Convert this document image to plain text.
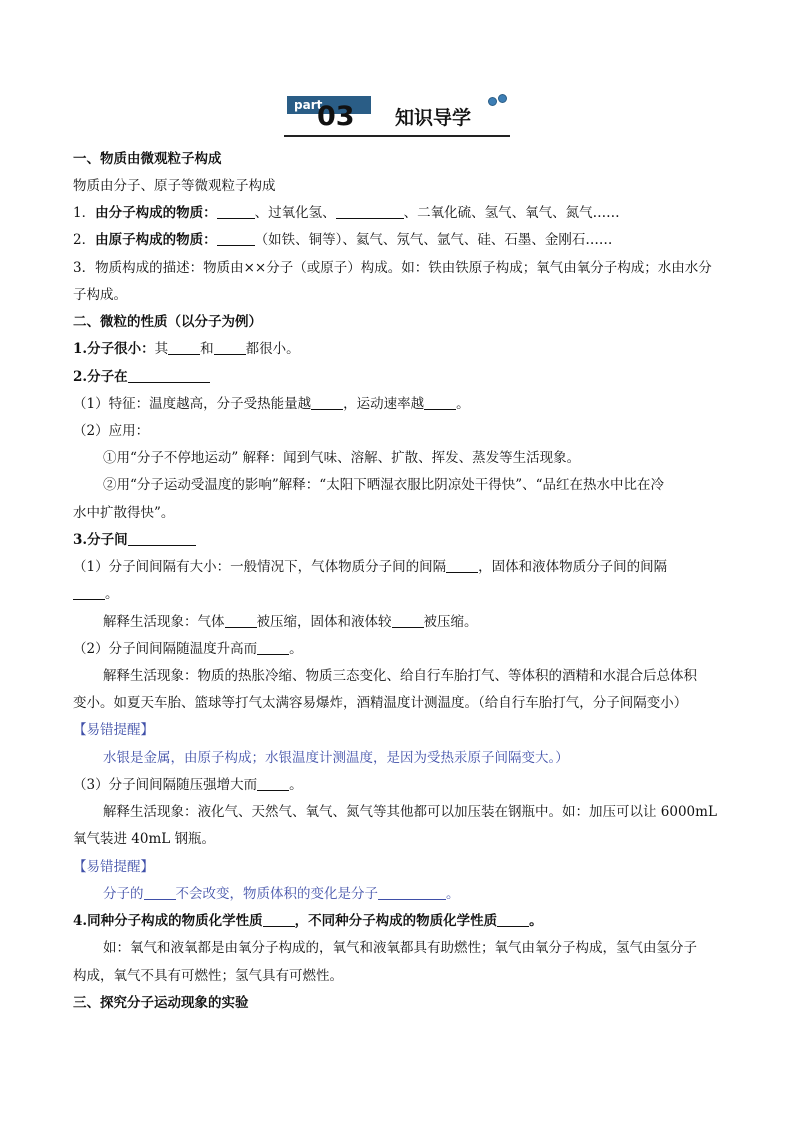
part.
03 知识导学
一、物质由微观粒子构成
物质由分子、原子等微观粒子构成
1．由分子构成的物质：	、过氧化氢、	、二氧化硫、氢气、氧气、氮气……
2．由原子构成的物质：	（如铁、铜等）、氦气、氖气、氩气、硅、石墨、金刚石……
3．物质构成的描述：物质由××分子（或原子）构成。如：铁由铁原子构成；氧气由氧分子构成；水由水分
子构成。
二、微粒的性质（以分子为例）
1.分子很小：其 和 都很小。
2.分子在
（1）特征：温度越高，分子受热能量越 ，运动速率越 。
（2）应用：
①用“分子不停地运动” 解释：闻到气味、溶解、扩散、挥发、蒸发等生活现象。
②用“分子运动受温度的影响”解释：“太阳下晒湿衣服比阴凉处干得快”、“品红在热水中比在冷
水中扩散得快”。
3.分子间
（1）分子间间隔有大小：一般情况下，气体物质分子间的间隔 ，固体和液体物质分子间的间隔
。
解释生活现象：气体 被压缩，固体和液体较 被压缩。
（2）分子间间隔随温度升高而 。
解释生活现象：物质的热胀冷缩、物质三态变化、给自行车胎打气、等体积的酒精和水混合后总体积
变小。如夏天车胎、篮球等打气太满容易爆炸，酒精温度计测温度。（给自行车胎打气，分子间隔变小）
【易错提醒】
水银是金属，由原子构成；水银温度计测温度，是因为受热汞原子间隔变大。）
（3）分子间间隔随压强增大而 。
解释生活现象：液化气、天然气、氧气、氮气等其他都可以加压装在钢瓶中。如：加压可以让 6000mL
氧气装进 40mL 钢瓶。
【易错提醒】
分子的 不会改变，物质体积的变化是分子	。
4.同种分子构成的物质化学性质 ，不同种分子构成的物质化学性质 。
如：氧气和液氧都是由氧分子构成的，氧气和液氧都具有助燃性；氧气由氧分子构成，氢气由氢分子
构成，氧气不具有可燃性；氢气具有可燃性。
三、探究分子运动现象的实验
